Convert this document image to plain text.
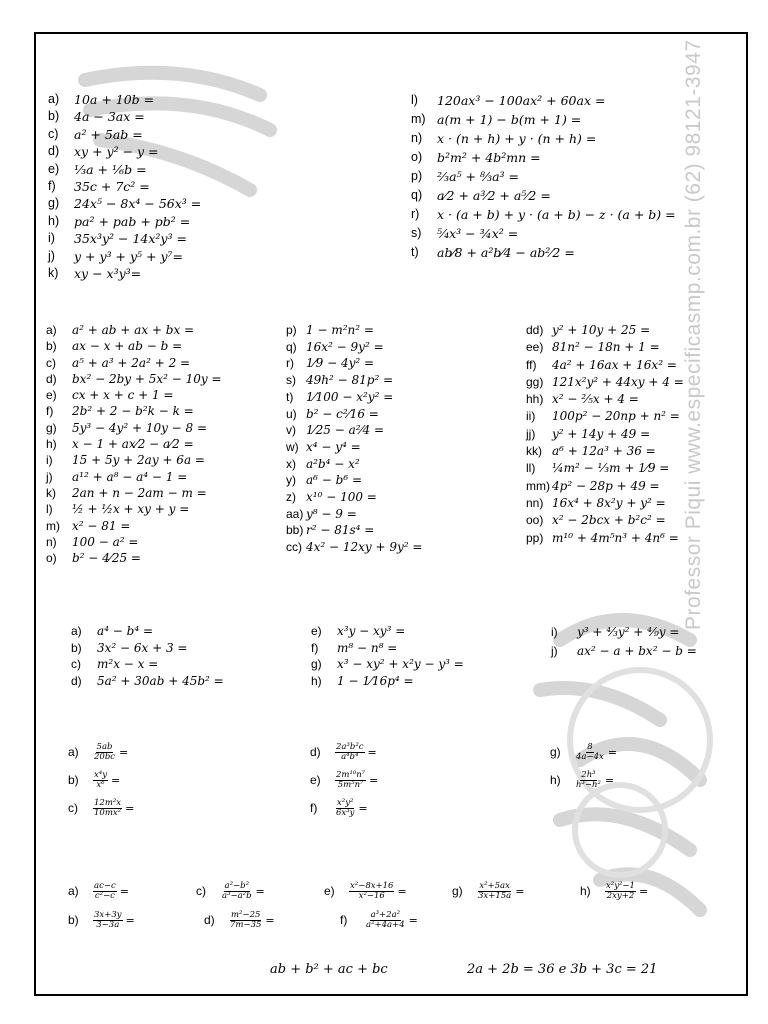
Professor Piqui www.especificasmp.com.br (62) 98121-3947
a)	10a + 10b =
b)	4a − 3ax =
c)	a² + 5ab =
d)	xy + y² − y =
e)	⅓a + ⅙b =
f)	35c + 7c² =
g)	24x⁵ − 8x⁴ − 56x³ =
h)	pa² + pab + pb² =
i)	35x³y² − 14x²y³ =
j)	y + y³ + y⁵ + y⁷=
k)	xy − x³y³=
l)	120ax³ − 100ax² + 60ax =
m) a(m + 1) − b(m + 1) =
n)	x · (n + h) + y · (n + h) =
o)	b²m² + 4b²mn =
p)	⅔a⁵ + ⁸⁄₃a³ =
q)	a⁄2 + a³⁄2 + a⁵⁄2 =
r)	x · (a + b) + y · (a + b) − z · (a + b) =
s)	⁵⁄₄x³ − ¾x² =
t)	ab⁄8 + a²b⁄4 − ab²⁄2 =
a)	a² + ab + ax + bx =
b)	ax − x + ab − b =
c)	a⁵ + a³ + 2a² + 2 =
d)	bx² − 2by + 5x² − 10y =
e)	cx + x + c + 1 =
f)	2b² + 2 − b²k − k =
g)	5y³ − 4y² + 10y − 8 =
h)	x − 1 + ax⁄2 − a⁄2 =
i)	15 + 5y + 2ay + 6a =
j)	a¹² + a⁸ − a⁴ − 1 =
k)	2an + n − 2am − m =
l)	½ + ½x + xy + y =
m)	x² − 81 =
n)	100 − a² =
o)	b² − 4⁄25 =
p) 1 − m²n² =
q) 16x² − 9y² =
r)	1⁄9 − 4y² =
s) 49h² − 81p² =
t)	1⁄100 − x²y² =
u) b² − c²⁄16 =
v) 1⁄25 − a²⁄4 =
w) x⁴ − y⁴ =
x) a²b⁴ − x²
y) a⁶ − b⁶ =
z) x¹⁰ − 100 =
aa) y⁸ − 9 =
bb) r² − 81s⁴ =
cc) 4x² − 12xy + 9y² =
dd) y² + 10y + 25 =
ee) 81n² − 18n + 1 =
ff)	4a² + 16ax + 16x² =
gg) 121x²y² + 44xy + 4 =
hh) x² − ⅖x + 4 =
ii)	100p² − 20np + n² =
jj)	y² + 14y + 49 =
kk) a⁶ + 12a³ + 36 =
ll)	¼m² − ⅓m + 1⁄9 =
mm) 4p² − 28p + 49 =
nn) 16x⁴ + 8x²y + y² =
oo) x² − 2bcx + b²c² =
pp) m¹⁰ + 4m⁵n³ + 4n⁶ =
a)	a⁴ − b⁴ =
b)	3x² − 6x + 3 =
c)	m²x − x =
d)	5a² + 30ab + 45b² =
e)	x³y − xy³ =
f)	m⁸ − n⁸ =
g)	x³ − xy² + x²y − y³ =
h)	1 − 1⁄16p⁴ =
i)	y³ + ⁴⁄₃y² + ⁴⁄₉y =
j)	ax² − a + bx² − b =
a)	$\frac{5ab}{20bc}$ =
b)	$\frac{\text{x⁴y}}{\text{x⁶}}$ =
c)	$\frac{\text{12m²x}}{\text{10mx²}}$ =
d)	$\frac{\text{2a³b²c}}{\text{a⁴b⁴}}$ =
e)	$\frac{\text{2m¹⁰n⁷}}{\text{5m⁵n⁷}}$ =
f)	$\frac{\text{x²y²}}{\text{6x³y}}$ =
g)	$\frac{8}{4a-4x}$ =
h)	$\frac{\text{2h³}}{\text{h³−h²}}$ =
a)	$\frac{ac-c}{\text{c²−c}}$ =	c)	$\frac{\text{a²−b²}}{\text{a³−a²b}}$ =	e)	$\frac{\text{x²−8x+16}}{\text{x²−16}}$ =	g)	$\frac{\text{x²+5ax}}{3x+15a}$ =	h)	$\frac{\text{x²y²−1}}{2xy+2}$ =
b)	$\frac{3x+3y}{3-3a}$ =	d)	$\frac{\text{m²−25}}{7m-35}$ =	f)	$\frac{\text{a³+2a²}}{\text{a²+4a+4}}$ =
ab + b² + ac + bc	2a + 2b = 36 e 3b + 3c = 21
